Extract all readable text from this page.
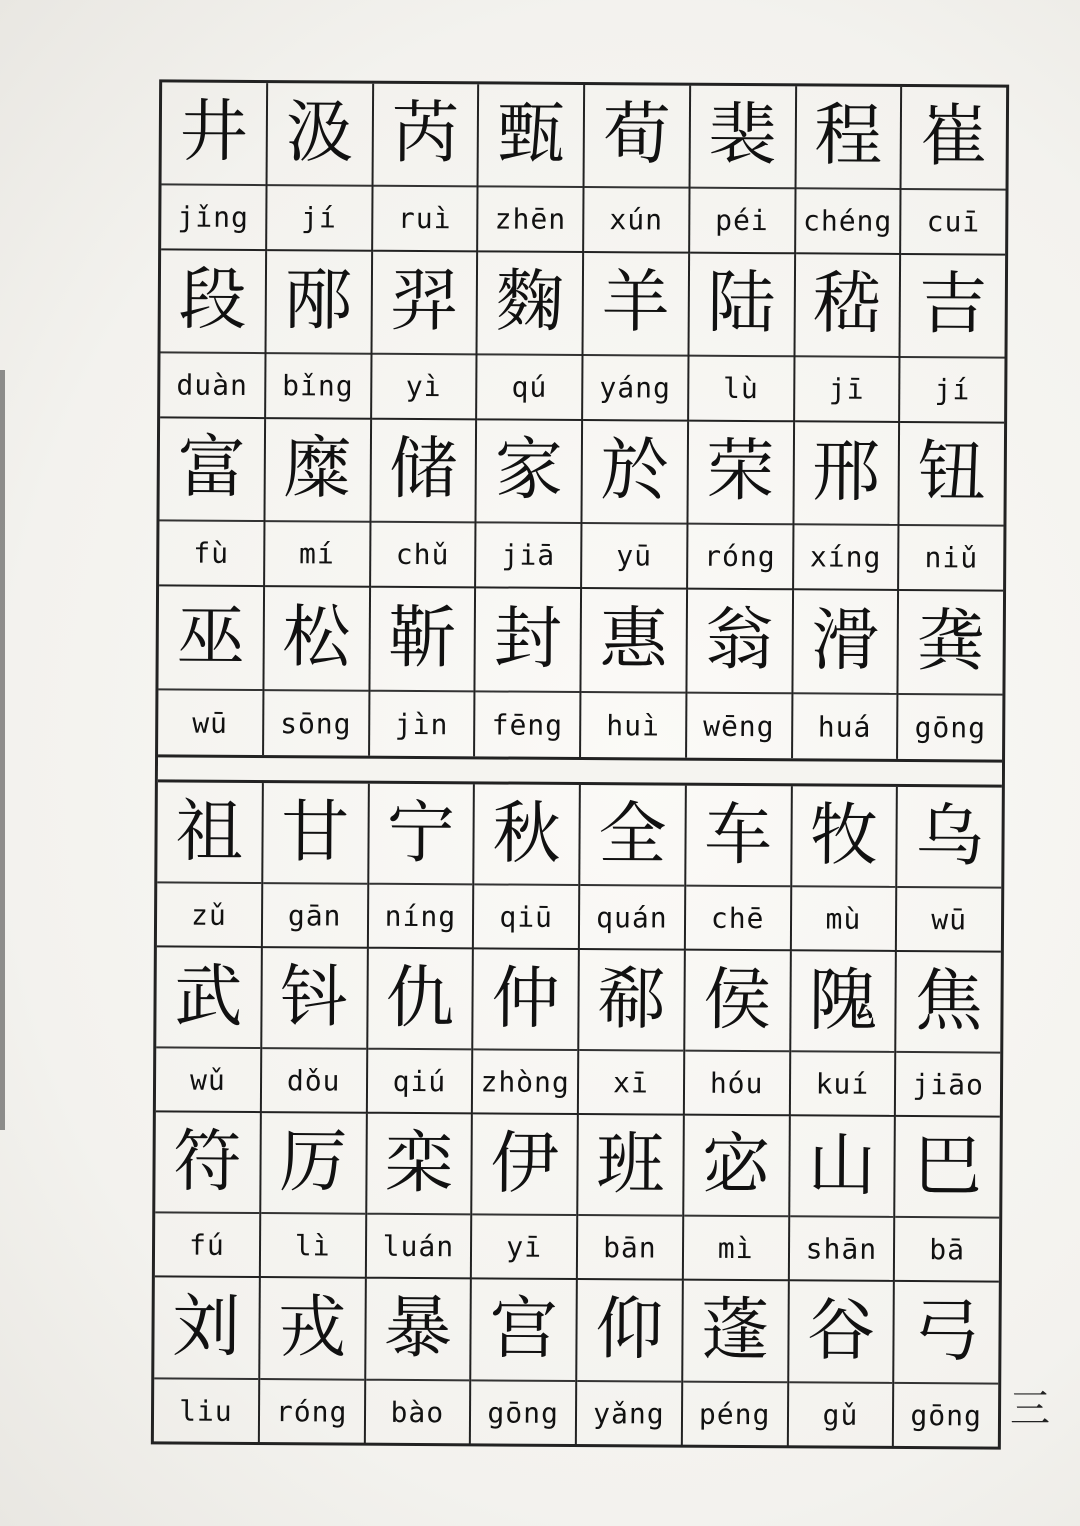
井
jǐng
汲
jí
芮
ruì
甄
zhēn
荀
xún
裴
péi
程
chéng
崔
cuī
段
duàn
邴
bǐng
羿
yì
麴
qú
羊
yáng
陆
lù
嵇
jī
吉
jí
富
fù
糜
mí
储
chǔ
家
jiā
於
yū
荣
róng
邢
xíng
钮
niǔ
巫
wū
松
sōng
靳
jìn
封
fēng
惠
huì
翁
wēng
滑
huá
龚
gōng
祖
zǔ
甘
gān
宁
níng
秋
qiū
全
quán
车
chē
牧
mù
乌
wū
武
wǔ
钭
dǒu
仇
qiú
仲
zhòng
郗
xī
侯
hóu
隗
kuí
焦
jiāo
符
fú
厉
lì
栾
luán
伊
yī
班
bān
宓
mì
山
shān
巴
bā
刘
liu
戎
róng
暴
bào
宫
gōng
仰
yǎng
蓬
péng
谷
gǔ
弓
gōng 三
